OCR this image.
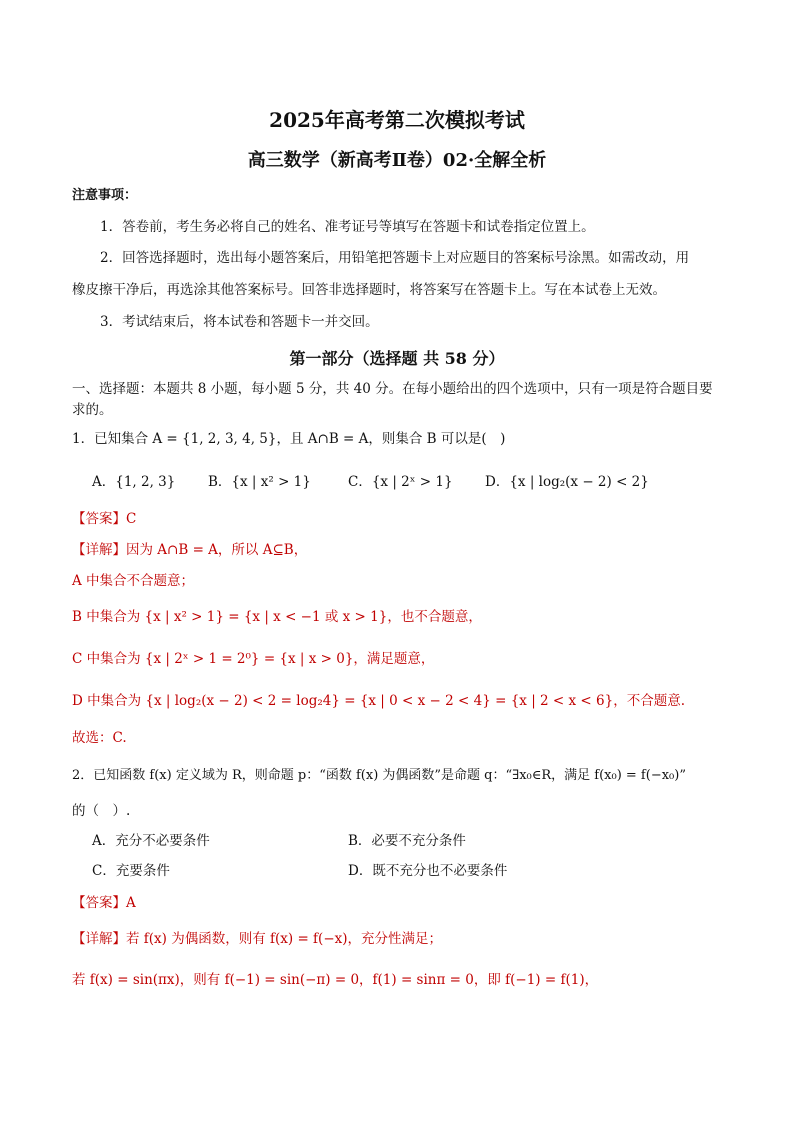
2025年高考第二次模拟考试
高三数学（新高考Ⅱ卷）02·全解全析
注意事项：
1．答卷前，考生务必将自己的姓名、准考证号等填写在答题卡和试卷指定位置上。
2．回答选择题时，选出每小题答案后，用铅笔把答题卡上对应题目的答案标号涂黑。如需改动，用
橡皮擦干净后，再选涂其他答案标号。回答非选择题时，将答案写在答题卡上。写在本试卷上无效。
3．考试结束后，将本试卷和答题卡一并交回。
第一部分（选择题 共 58 分）
一、选择题：本题共 8 小题，每小题 5 分，共 40 分。在每小题给出的四个选项中，只有一项是符合题目要
求的。
1．已知集合 A = {1, 2, 3, 4, 5}，且 A∩B = A，则集合 B 可以是(　)
A．{1, 2, 3} B．{x | x² > 1}	C．{x | 2ˣ > 1} D．{x | log₂(x − 2) < 2}
【答案】C
【详解】因为 A∩B = A，所以 A⊆B，
A 中集合不合题意；
B 中集合为 {x | x² > 1} = {x | x < −1 或 x > 1}，也不合题意，
C 中集合为 {x | 2ˣ > 1 = 2⁰} = {x | x > 0}，满足题意，
D 中集合为 {x | log₂(x − 2) < 2 = log₂4} = {x | 0 < x − 2 < 4} = {x | 2 < x < 6}，不合题意.
故选：C.
2．已知函数 f(x) 定义域为 R，则命题 p：“函数 f(x) 为偶函数”是命题 q：“∃x₀∈R，满足 f(x₀) = f(−x₀)”
的（　）.
A．充分不必要条件	B．必要不充分条件
C．充要条件	D．既不充分也不必要条件
【答案】A
【详解】若 f(x) 为偶函数，则有 f(x) = f(−x)，充分性满足；
若 f(x) = sin(πx)，则有 f(−1) = sin(−π) = 0，f(1) = sinπ = 0，即 f(−1) = f(1)，
